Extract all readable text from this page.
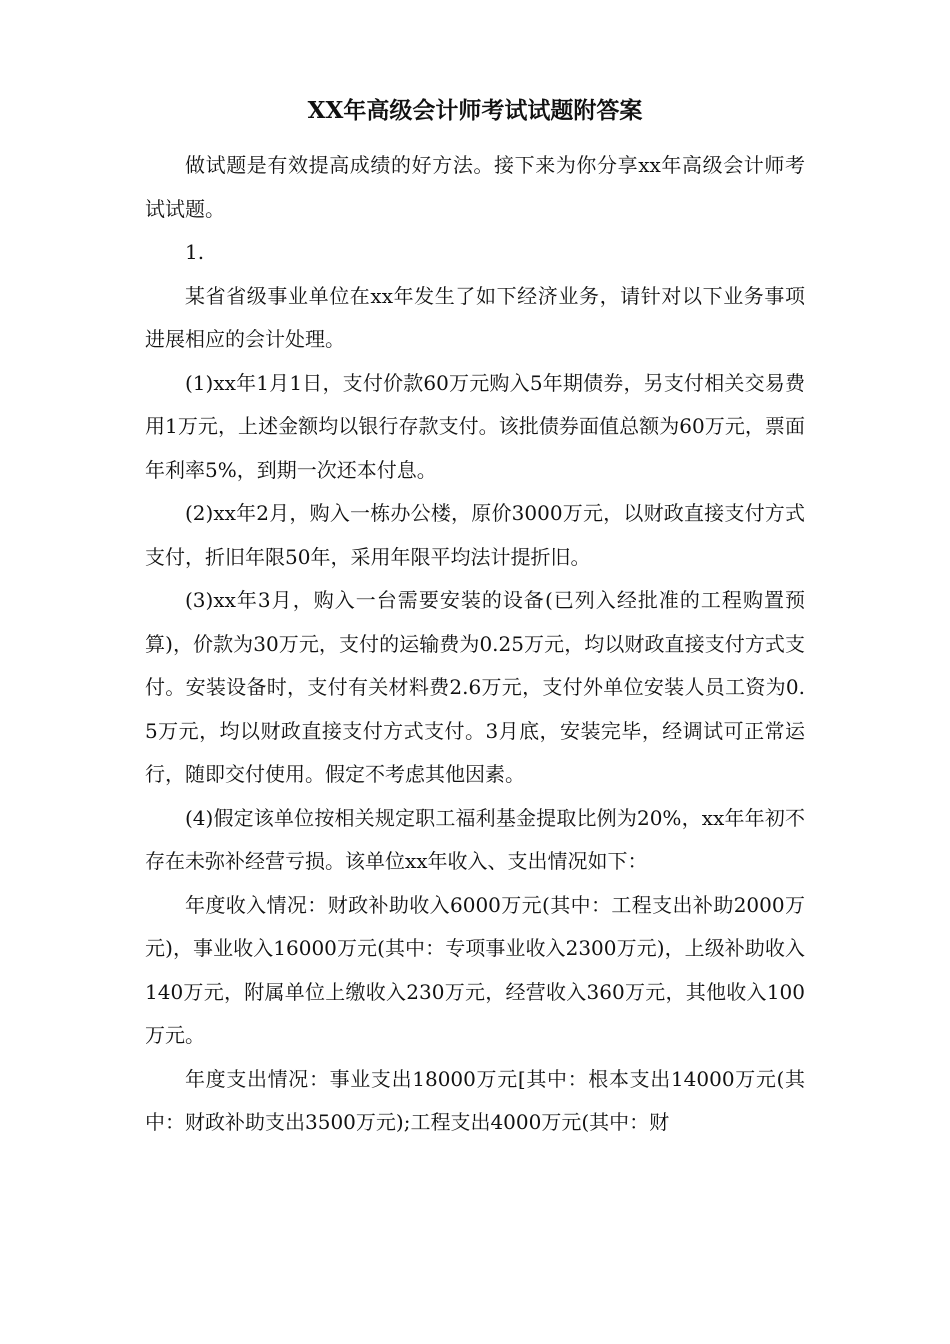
XX年高级会计师考试试题附答案

做试题是有效提高成绩的好方法。接下来为你分享xx年高级会计师考试试题。

1.

某省省级事业单位在xx年发生了如下经济业务，请针对以下业务事项进展相应的会计处理。

(1)xx年1月1日，支付价款60万元购入5年期债券，另支付相关交易费用1万元，上述金额均以银行存款支付。该批债券面值总额为60万元，票面年利率5%，到期一次还本付息。

(2)xx年2月，购入一栋办公楼，原价3000万元，以财政直接支付方式支付，折旧年限50年，采用年限平均法计提折旧。

(3)xx年3月，购入一台需要安装的设备(已列入经批准的工程购置预算)，价款为30万元，支付的运输费为0.25万元，均以财政直接支付方式支付。安装设备时，支付有关材料费2.6万元，支付外单位安装人员工资为0.5万元，均以财政直接支付方式支付。3月底，安装完毕，经调试可正常运行，随即交付使用。假定不考虑其他因素。

(4)假定该单位按相关规定职工福利基金提取比例为20%，xx年年初不存在未弥补经营亏损。该单位xx年收入、支出情况如下：

年度收入情况：财政补助收入6000万元(其中：工程支出补助2000万元)，事业收入16000万元(其中：专项事业收入2300万元)，上级补助收入140万元，附属单位上缴收入230万元，经营收入360万元，其他收入100万元。

年度支出情况：事业支出18000万元[其中：根本支出14000万元(其中：财政补助支出3500万元);工程支出4000万元(其中：财
